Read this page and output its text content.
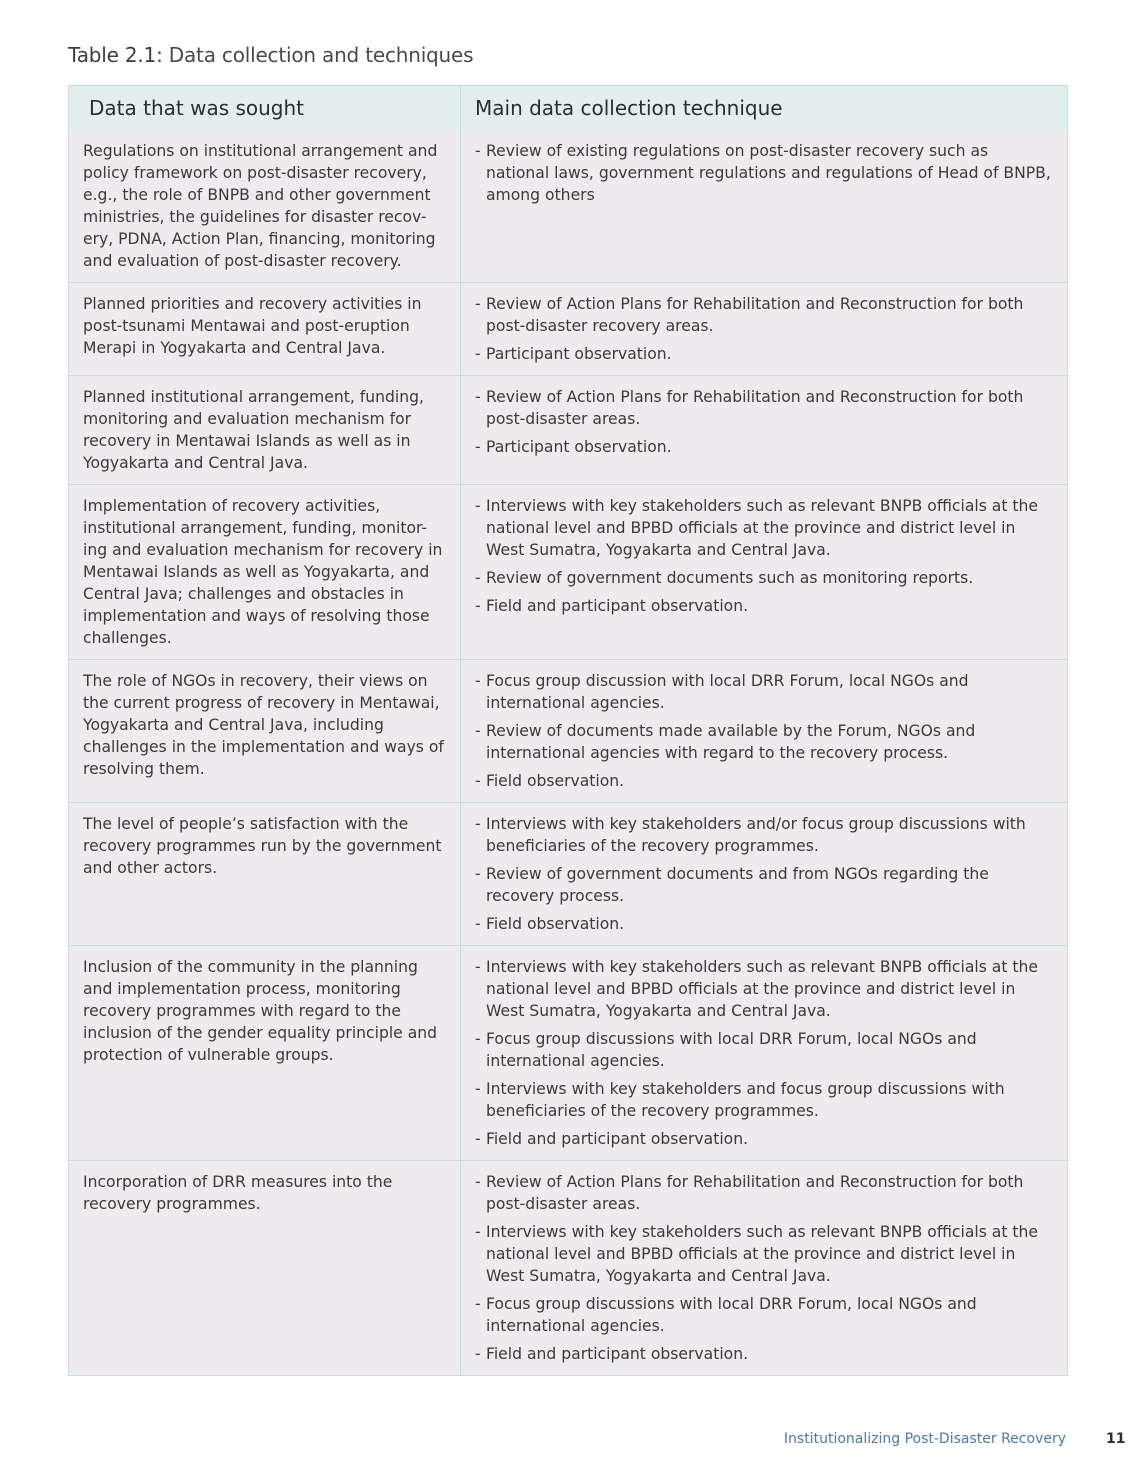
Table 2.1: Data collection and techniques
Data that was sought	Main data collection technique
Regulations on institutional arrangement and policy framework on post-disaster recovery, e.g., the role of BNPB and other government ministries, the guidelines for disaster recov-ery, PDNA, Action Plan, financing, monitoring and evaluation of post-disaster recovery.
- Review of existing regulations on post-disaster recovery such as national laws, government regulations and regulations of Head of BNPB, among others
Planned priorities and recovery activities in post-tsunami Mentawai and post-eruption Merapi in Yogyakarta and Central Java.
- Review of Action Plans for Rehabilitation and Reconstruction for both post-disaster recovery areas.
- Participant observation.
Planned institutional arrangement, funding, monitoring and evaluation mechanism for recovery in Mentawai Islands as well as in Yogyakarta and Central Java.
- Review of Action Plans for Rehabilitation and Reconstruction for both post-disaster areas.
- Participant observation.
Implementation of recovery activities, institutional arrangement, funding, monitor-ing and evaluation mechanism for recovery in Mentawai Islands as well as Yogyakarta, and Central Java; challenges and obstacles in implementation and ways of resolving those challenges.
- Interviews with key stakeholders such as relevant BNPB officials at the national level and BPBD officials at the province and district level in West Sumatra, Yogyakarta and Central Java.
- Review of government documents such as monitoring reports.
- Field and participant observation.
The role of NGOs in recovery, their views on the current progress of recovery in Mentawai, Yogyakarta and Central Java, including challenges in the implementation and ways of resolving them.
- Focus group discussion with local DRR Forum, local NGOs and international agencies.
- Review of documents made available by the Forum, NGOs and international agencies with regard to the recovery process.
- Field observation.
The level of people’s satisfaction with the recovery programmes run by the government and other actors.
- Interviews with key stakeholders and/or focus group discussions with beneficiaries of the recovery programmes.
- Review of government documents and from NGOs regarding the recovery process.
- Field observation.
Inclusion of the community in the planning and implementation process, monitoring recovery programmes with regard to the inclusion of the gender equality principle and protection of vulnerable groups.
- Interviews with key stakeholders such as relevant BNPB officials at the national level and BPBD officials at the province and district level in West Sumatra, Yogyakarta and Central Java.
- Focus group discussions with local DRR Forum, local NGOs and international agencies.
- Interviews with key stakeholders and focus group discussions with beneficiaries of the recovery programmes.
- Field and participant observation.
Incorporation of DRR measures into the recovery programmes.
- Review of Action Plans for Rehabilitation and Reconstruction for both post-disaster areas.
- Interviews with key stakeholders such as relevant BNPB officials at the national level and BPBD officials at the province and district level in West Sumatra, Yogyakarta and Central Java.
- Focus group discussions with local DRR Forum, local NGOs and international agencies.
- Field and participant observation.
Institutionalizing Post-Disaster Recovery	11
